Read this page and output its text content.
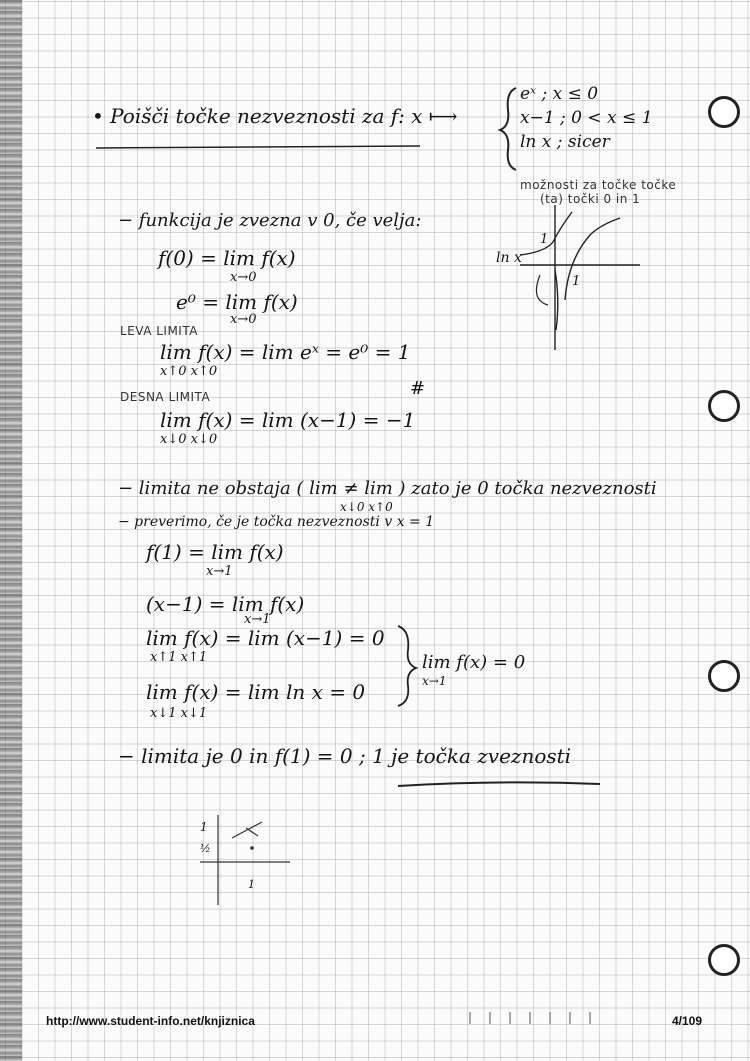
• Poišči točke nezveznosti za f: x ⟼
eˣ ; x ≤ 0
x−1 ; 0 < x ≤ 1
ln x ; sicer
možnosti za točke točke
(ta) točki 0 in 1
ln x
1
1
− funkcija je zvezna v 0, če velja:
f(0) = lim f(x)
x→0
e⁰ = lim f(x)
x→0
LEVA LIMITA
lim f(x) = lim eˣ = e⁰ = 1
x↑0 x↑0
#
DESNA LIMITA
lim f(x) = lim (x−1) = −1
x↓0 x↓0
− limita ne obstaja ( lim ≠ lim ) zato je 0 točka nezveznosti
x↓0 x↑0
− preverimo, če je točka nezveznosti v x = 1
f(1) = lim f(x)
x→1
(x−1) = lim f(x)
x→1
lim f(x) = lim (x−1) = 0
x↑1 x↑1
lim f(x) = lim ln x = 0
x↓1 x↓1
lim f(x) = 0
x→1
− limita je 0 in f(1) = 0 ; 1 je točka zveznosti
1
½
1
http://www.student-info.net/knjiznica	4/109
